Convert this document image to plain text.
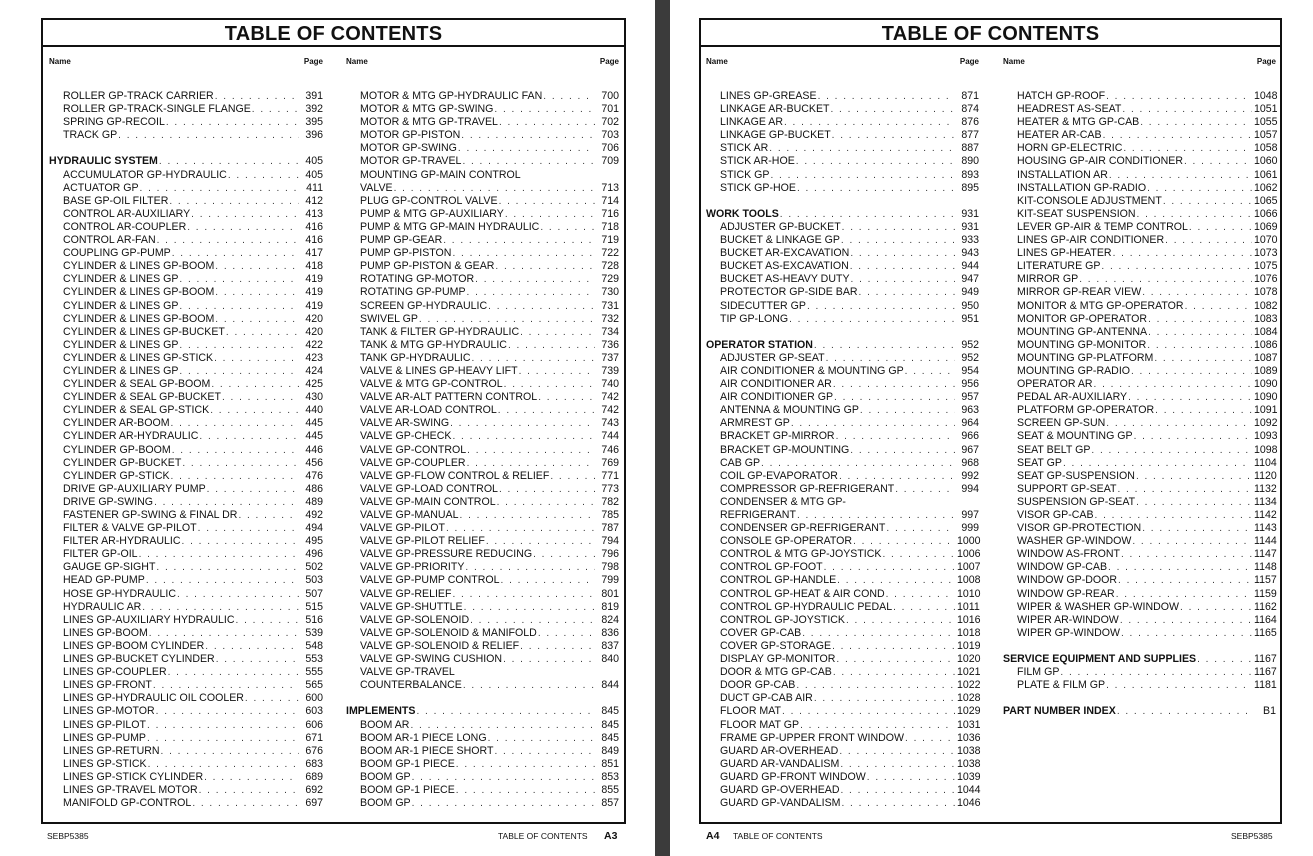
TABLE OF CONTENTS
Name	Page
ROLLER GP-TRACK CARRIER . . .	391
ROLLER GP-TRACK-SINGLE FLANGE . . .	392
SPRING GP-RECOIL . . .	395
TRACK GP . . .	396
HYDRAULIC SYSTEM . . .	405
ACCUMULATOR GP-HYDRAULIC . . .	405
ACTUATOR GP . . .	411
BASE GP-OIL FILTER . . .	412
CONTROL AR-AUXILIARY . . .	413
CONTROL AR-COUPLER . . .	416
CONTROL AR-FAN . . .	416
COUPLING GP-PUMP . . .	417
CYLINDER & LINES GP-BOOM . . .	418
CYLINDER & LINES GP . . .	419
CYLINDER & LINES GP-BOOM . . .	419
CYLINDER & LINES GP . . .	419
CYLINDER & LINES GP-BOOM . . .	420
CYLINDER & LINES GP-BUCKET . . .	420
CYLINDER & LINES GP . . .	422
CYLINDER & LINES GP-STICK . . .	423
CYLINDER & LINES GP . . .	424
CYLINDER & SEAL GP-BOOM . . .	425
CYLINDER & SEAL GP-BUCKET . . .	430
CYLINDER & SEAL GP-STICK . . .	440
CYLINDER AR-BOOM . . .	445
CYLINDER AR-HYDRAULIC . . .	445
CYLINDER GP-BOOM . . .	446
CYLINDER GP-BUCKET . . .	456
CYLINDER GP-STICK . . .	476
DRIVE GP-AUXILIARY PUMP . . .	486
DRIVE GP-SWING . . .	489
FASTENER GP-SWING & FINAL DR . . .	492
FILTER & VALVE GP-PILOT . . .	494
FILTER AR-HYDRAULIC . . .	495
FILTER GP-OIL . . .	496
GAUGE GP-SIGHT . . .	502
HEAD GP-PUMP . . .	503
HOSE GP-HYDRAULIC . . .	507
HYDRAULIC AR . . .	515
LINES GP-AUXILIARY HYDRAULIC . . .	516
LINES GP-BOOM . . .	539
LINES GP-BOOM CYLINDER . . .	548
LINES GP-BUCKET CYLINDER . . .	553
LINES GP-COUPLER . . .	555
LINES GP-FRONT . . .	565
LINES GP-HYDRAULIC OIL COOLER . . .	600
LINES GP-MOTOR . . .	603
LINES GP-PILOT . . .	606
LINES GP-PUMP . . .	671
LINES GP-RETURN . . .	676
LINES GP-STICK . . .	683
LINES GP-STICK CYLINDER . . .	689
LINES GP-TRAVEL MOTOR . . .	692
MANIFOLD GP-CONTROL . . .	697
Name	Page
MOTOR & MTG GP-HYDRAULIC FAN . . .	700
MOTOR & MTG GP-SWING . . .	701
MOTOR & MTG GP-TRAVEL . . .	702
MOTOR GP-PISTON . . .	703
MOTOR GP-SWING . . .	706
MOTOR GP-TRAVEL . . .	709
MOUNTING GP-MAIN CONTROL
VALVE . . .	713
PLUG GP-CONTROL VALVE . . .	714
PUMP & MTG GP-AUXILIARY . . .	716
PUMP & MTG GP-MAIN HYDRAULIC . . .	718
PUMP GP-GEAR . . .	719
PUMP GP-PISTON . . .	722
PUMP GP-PISTON & GEAR . . .	728
ROTATING GP-MOTOR . . .	729
ROTATING GP-PUMP . . .	730
SCREEN GP-HYDRAULIC . . .	731
SWIVEL GP . . .	732
TANK & FILTER GP-HYDRAULIC . . .	734
TANK & MTG GP-HYDRAULIC . . .	736
TANK GP-HYDRAULIC . . .	737
VALVE & LINES GP-HEAVY LIFT . . .	739
VALVE & MTG GP-CONTROL . . .	740
VALVE AR-ALT PATTERN CONTROL . . .	742
VALVE AR-LOAD CONTROL . . .	742
VALVE AR-SWING . . .	743
VALVE GP-CHECK . . .	744
VALVE GP-CONTROL . . .	746
VALVE GP-COUPLER . . .	769
VALVE GP-FLOW CONTROL & RELIEF . . .	771
VALVE GP-LOAD CONTROL . . .	773
VALVE GP-MAIN CONTROL . . .	782
VALVE GP-MANUAL . . .	785
VALVE GP-PILOT . . .	787
VALVE GP-PILOT RELIEF . . .	794
VALVE GP-PRESSURE REDUCING . . .	796
VALVE GP-PRIORITY . . .	798
VALVE GP-PUMP CONTROL . . .	799
VALVE GP-RELIEF . . .	801
VALVE GP-SHUTTLE . . .	819
VALVE GP-SOLENOID . . .	824
VALVE GP-SOLENOID & MANIFOLD . . .	836
VALVE GP-SOLENOID & RELIEF . . .	837
VALVE GP-SWING CUSHION . . .	840
VALVE GP-TRAVEL
COUNTERBALANCE . . .	844
IMPLEMENTS . . .	845
BOOM AR . . .	845
BOOM AR-1 PIECE LONG . . .	845
BOOM AR-1 PIECE SHORT . . .	849
BOOM GP-1 PIECE . . .	851
BOOM GP . . .	853
BOOM GP-1 PIECE . . .	855
BOOM GP . . .	857
SEBP5385	TABLE OF CONTENTS A3
TABLE OF CONTENTS
Name	Page
LINES GP-GREASE . . .	871
LINKAGE AR-BUCKET . . .	874
LINKAGE AR . . .	876
LINKAGE GP-BUCKET . . .	877
STICK AR . . .	887
STICK AR-HOE . . .	890
STICK GP . . .	893
STICK GP-HOE . . .	895
WORK TOOLS . . .	931
ADJUSTER GP-BUCKET . . .	931
BUCKET & LINKAGE GP . . .	933
BUCKET AR-EXCAVATION . . .	943
BUCKET AS-EXCAVATION . . .	944
BUCKET AS-HEAVY DUTY . . .	947
PROTECTOR GP-SIDE BAR . . .	949
SIDECUTTER GP . . .	950
TIP GP-LONG . . .	951
OPERATOR STATION . . .	952
ADJUSTER GP-SEAT . . .	952
AIR CONDITIONER & MOUNTING GP . . .	954
AIR CONDITIONER AR . . .	956
AIR CONDITIONER GP . . .	957
ANTENNA & MOUNTING GP . . .	963
ARMREST GP . . .	964
BRACKET GP-MIRROR . . .	966
BRACKET GP-MOUNTING . . .	967
CAB GP . . .	968
COIL GP-EVAPORATOR . . .	992
COMPRESSOR GP-REFRIGERANT . . .	994
CONDENSER & MTG GP-
REFRIGERANT . . .	997
CONDENSER GP-REFRIGERANT . . .	999
CONSOLE GP-OPERATOR . . .	1000
CONTROL & MTG GP-JOYSTICK . . .	1006
CONTROL GP-FOOT . . .	1007
CONTROL GP-HANDLE . . .	1008
CONTROL GP-HEAT & AIR COND . . .	1010
CONTROL GP-HYDRAULIC PEDAL . . .	1011
CONTROL GP-JOYSTICK . . .	1016
COVER GP-CAB . . .	1018
COVER GP-STORAGE . . .	1019
DISPLAY GP-MONITOR . . .	1020
DOOR & MTG GP-CAB . . .	1021
DOOR GP-CAB . . .	1022
DUCT GP-CAB AIR . . .	1028
FLOOR MAT . . .	1029
FLOOR MAT GP . . .	1031
FRAME GP-UPPER FRONT WINDOW . . .	1036
GUARD AR-OVERHEAD . . .	1038
GUARD AR-VANDALISM . . .	1038
GUARD GP-FRONT WINDOW . . .	1039
GUARD GP-OVERHEAD . . .	1044
GUARD GP-VANDALISM . . .	1046
Name	Page
HATCH GP-ROOF . . .	1048
HEADREST AS-SEAT . . .	1051
HEATER & MTG GP-CAB . . .	1055
HEATER AR-CAB . . .	1057
HORN GP-ELECTRIC . . .	1058
HOUSING GP-AIR CONDITIONER . . .	1060
INSTALLATION AR . . .	1061
INSTALLATION GP-RADIO . . .	1062
KIT-CONSOLE ADJUSTMENT . . .	1065
KIT-SEAT SUSPENSION . . .	1066
LEVER GP-AIR & TEMP CONTROL . . .	1069
LINES GP-AIR CONDITIONER . . .	1070
LINES GP-HEATER . . .	1073
LITERATURE GP . . .	1075
MIRROR GP . . .	1076
MIRROR GP-REAR VIEW . . .	1078
MONITOR & MTG GP-OPERATOR . . .	1082
MONITOR GP-OPERATOR . . .	1083
MOUNTING GP-ANTENNA . . .	1084
MOUNTING GP-MONITOR . . .	1086
MOUNTING GP-PLATFORM . . .	1087
MOUNTING GP-RADIO . . .	1089
OPERATOR AR . . .	1090
PEDAL AR-AUXILIARY . . .	1090
PLATFORM GP-OPERATOR . . .	1091
SCREEN GP-SUN . . .	1092
SEAT & MOUNTING GP . . .	1093
SEAT BELT GP . . .	1098
SEAT GP . . .	1104
SEAT GP-SUSPENSION . . .	1120
SUPPORT GP-SEAT . . .	1132
SUSPENSION GP-SEAT . . .	1134
VISOR GP-CAB . . .	1142
VISOR GP-PROTECTION . . .	1143
WASHER GP-WINDOW . . .	1144
WINDOW AS-FRONT . . .	1147
WINDOW GP-CAB . . .	1148
WINDOW GP-DOOR . . .	1157
WINDOW GP-REAR . . .	1159
WIPER & WASHER GP-WINDOW . . .	1162
WIPER AR-WINDOW . . .	1164
WIPER GP-WINDOW . . .	1165
SERVICE EQUIPMENT AND SUPPLIES . . .	1167
FILM GP . . .	1167
PLATE & FILM GP . . .	1181
PART NUMBER INDEX . . .	B1
A4 TABLE OF CONTENTS	SEBP5385
